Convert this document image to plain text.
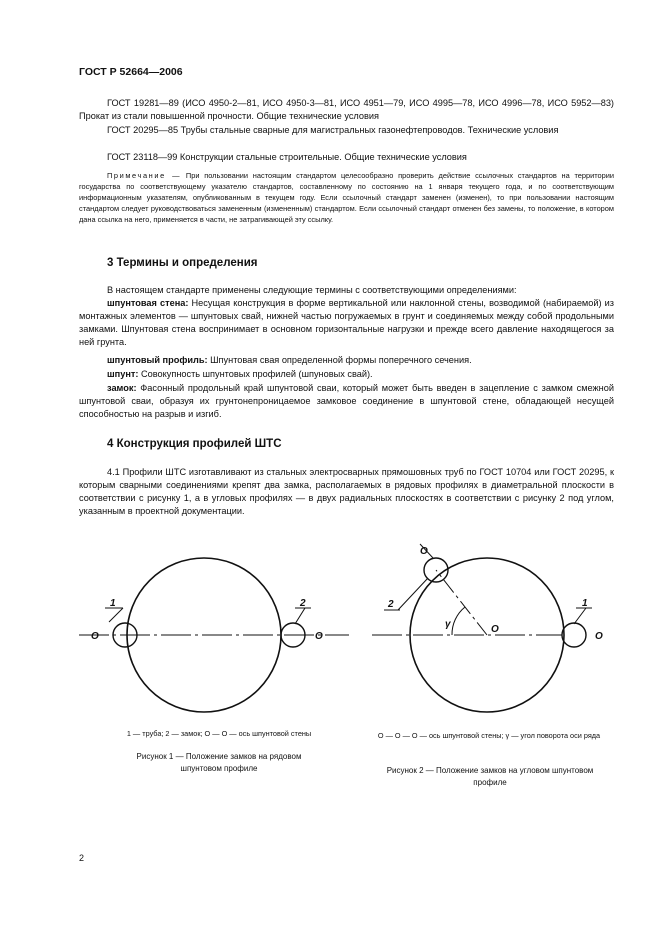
ГОСТ Р 52664—2006
ГОСТ 19281—89 (ИСО 4950-2—81, ИСО 4950-3—81, ИСО 4951—79, ИСО 4995—78, ИСО 4996—78, ИСО 5952—83) Прокат из стали повышенной прочности. Общие технические условия
ГОСТ 20295—85 Трубы стальные сварные для магистральных газонефтепроводов. Технические условия
ГОСТ 23118—99 Конструкции стальные строительные. Общие технические условия
Примечание — При пользовании настоящим стандартом целесообразно проверить действие ссылочных стандартов на территории государства по соответствующему указателю стандартов, составленному по состоянию на 1 января текущего года, и по соответствующим информационным указателям, опубликованным в текущем году. Если ссылочный стандарт заменен (изменен), то при пользовании настоящим стандартом следует руководствоваться замененным (измененным) стандартом. Если ссылочный стандарт отменен без замены, то положение, в котором дана ссылка на него, применяется в части, не затрагивающей эту ссылку.
3 Термины и определения
В настоящем стандарте применены следующие термины с соответствующими определениями:
шпунтовая стена: Несущая конструкция в форме вертикальной или наклонной стены, возводимой (набираемой) из монтажных элементов — шпунтовых свай, нижней частью погружаемых в грунт и соединяемых между собой продольными замками. Шпунтовая стена воспринимает в основном горизонтальные нагрузки и прежде всего давление находящегося за ней грунта.
шпунтовый профиль: Шпунтовая свая определенной формы поперечного сечения.
шпунт: Совокупность шпунтовых профилей (шпуновых свай).
замок: Фасонный продольный край шпунтовой сваи, который может быть введен в зацепление с замком смежной шпунтовой сваи, образуя их грунтонепроницаемое замковое соединение в шпунтовой стене, обладающей несущей способностью на разрыв и изгиб.
4 Конструкция профилей ШТС
4.1 Профили ШТС изготавливают из стальных электросварных прямошовных труб по ГОСТ 10704 или ГОСТ 20295, к которым сварными соединениями крепят два замка, располагаемых в рядовых профилях в диаметральной плоскости в соответствии с рисунку 1, а в угловых профилях — в двух радиальных плоскостях в соответствии с рисунку 2 под углом, указанным в проектной документации.
1	2
О	О
1 — труба; 2 — замок; О — О — ось шпунтовой стены
Рисунок 1 — Положение замков на рядовом шпунтовом профиле
О
2
γ	О
1
О
О — О — О — ось шпунтовой стены; γ — угол поворота оси ряда
Рисунок 2 — Положение замков на угловом шпунтовом профиле
2
